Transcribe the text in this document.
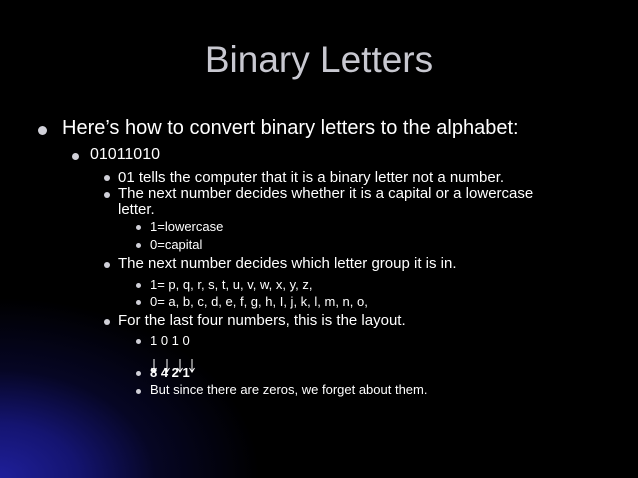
Binary Letters
Here’s how to convert binary letters to the alphabet:
01011010
01 tells the computer that it is a binary letter not a number.
The next number decides whether it is a capital or a lowercase
letter.
1=lowercase
0=capital
The next number decides which letter group it is in.
1= p, q, r, s, t, u, v, w, x, y, z,
0= a, b, c, d, e, f, g, h, I, j, k, l, m, n, o,
For the last four numbers, this is the layout.
1 0 1 0
8 4 2 1
But since there are zeros, we forget about them.
